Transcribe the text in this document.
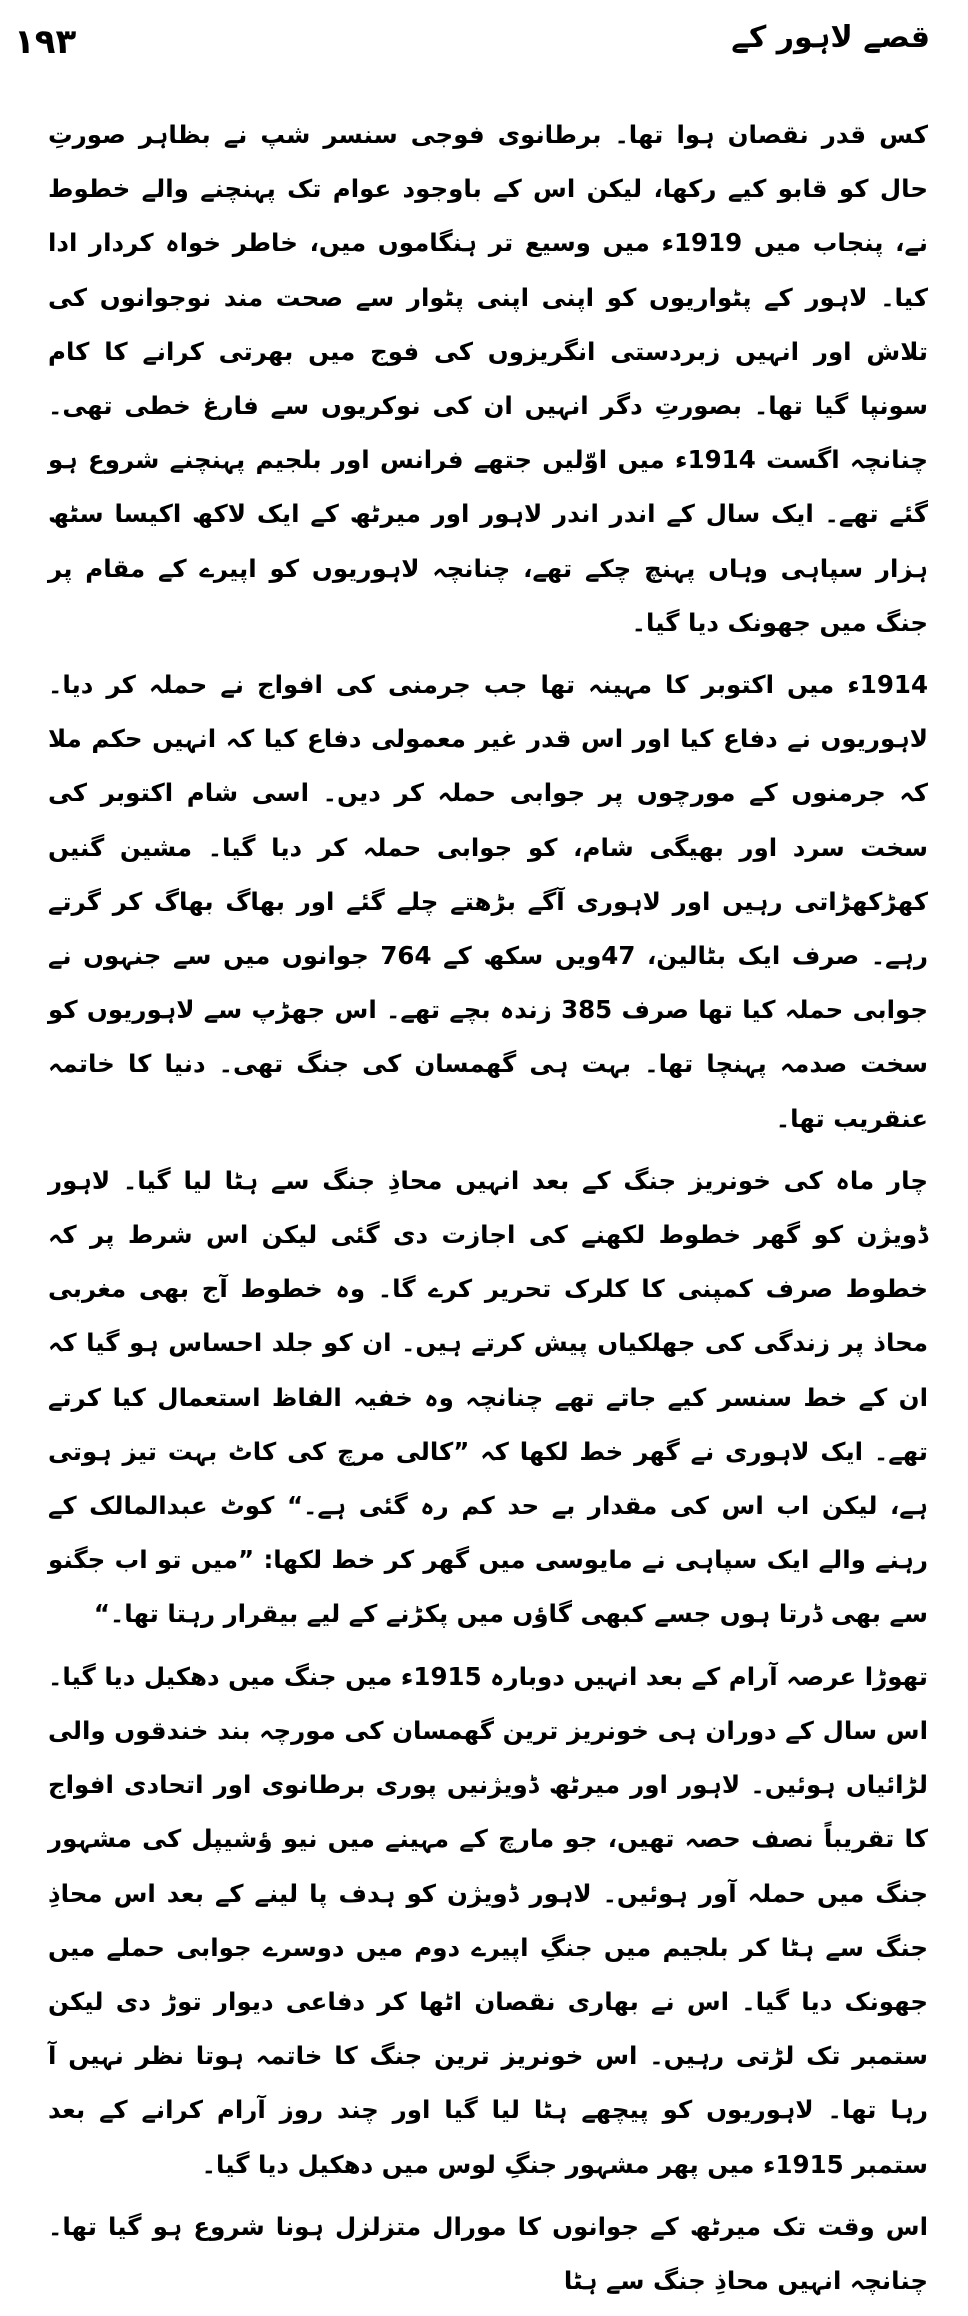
۱۹۳	قصے لاہور کے

کس قدر نقصان ہوا تھا۔ برطانوی فوجی سنسر شپ نے بظاہر صورتِ حال کو قابو کیے رکھا، لیکن اس کے باوجود عوام تک پہنچنے والے خطوط نے، پنجاب میں 1919ء میں وسیع تر ہنگاموں میں، خاطر خواہ کردار ادا کیا۔ لاہور کے پٹواریوں کو اپنی اپنی پٹوار سے صحت مند نوجوانوں کی تلاش اور انہیں زبردستی انگریزوں کی فوج میں بھرتی کرانے کا کام سونپا گیا تھا۔ بصورتِ دگر انہیں ان کی نوکریوں سے فارغ خطی تھی۔ چنانچہ اگست 1914ء میں اوّلیں جتھے فرانس اور بلجیم پہنچنے شروع ہو گئے تھے۔ ایک سال کے اندر اندر لاہور اور میرٹھ کے ایک لاکھ اکیسا سٹھ ہزار سپاہی وہاں پہنچ چکے تھے، چنانچہ لاہوریوں کو اپیرے کے مقام پر جنگ میں جھونک دیا گیا۔

1914ء میں اکتوبر کا مہینہ تھا جب جرمنی کی افواج نے حملہ کر دیا۔ لاہوریوں نے دفاع کیا اور اس قدر غیر معمولی دفاع کیا کہ انہیں حکم ملا کہ جرمنوں کے مورچوں پر جوابی حملہ کر دیں۔ اسی شام اکتوبر کی سخت سرد اور بھیگی شام، کو جوابی حملہ کر دیا گیا۔ مشین گنیں کھڑکھڑاتی رہیں اور لاہوری آگے بڑھتے چلے گئے اور بھاگ بھاگ کر گرتے رہے۔ صرف ایک بٹالین، 47ویں سکھ کے 764 جوانوں میں سے جنہوں نے جوابی حملہ کیا تھا صرف 385 زندہ بچے تھے۔ اس جھڑپ سے لاہوریوں کو سخت صدمہ پہنچا تھا۔ بہت ہی گھمسان کی جنگ تھی۔ دنیا کا خاتمہ عنقریب تھا۔

چار ماہ کی خونریز جنگ کے بعد انہیں محاذِ جنگ سے ہٹا لیا گیا۔ لاہور ڈویژن کو گھر خطوط لکھنے کی اجازت دی گئی لیکن اس شرط پر کہ خطوط صرف کمپنی کا کلرک تحریر کرے گا۔ وہ خطوط آج بھی مغربی محاذ پر زندگی کی جھلکیاں پیش کرتے ہیں۔ ان کو جلد احساس ہو گیا کہ ان کے خط سنسر کیے جاتے تھے چنانچہ وہ خفیہ الفاظ استعمال کیا کرتے تھے۔ ایک لاہوری نے گھر خط لکھا کہ ”کالی مرچ کی کاٹ بہت تیز ہوتی ہے، لیکن اب اس کی مقدار بے حد کم رہ گئی ہے۔“ کوٹ عبدالمالک کے رہنے والے ایک سپاہی نے مایوسی میں گھر کر خط لکھا: ”میں تو اب جگنو سے بھی ڈرتا ہوں جسے کبھی گاؤں میں پکڑنے کے لیے بیقرار رہتا تھا۔“

تھوڑا عرصہ آرام کے بعد انہیں دوبارہ 1915ء میں جنگ میں دھکیل دیا گیا۔ اس سال کے دوران ہی خونریز ترین گھمسان کی مورچہ بند خندقوں والی لڑائیاں ہوئیں۔ لاہور اور میرٹھ ڈویژنیں پوری برطانوی اور اتحادی افواج کا تقریباً نصف حصہ تھیں، جو مارچ کے مہینے میں نیو ؤشیپل کی مشہور جنگ میں حملہ آور ہوئیں۔ لاہور ڈویژن کو ہدف پا لینے کے بعد اس محاذِ جنگ سے ہٹا کر بلجیم میں جنگِ اپیرے دوم میں دوسرے جوابی حملے میں جھونک دیا گیا۔ اس نے بھاری نقصان اٹھا کر دفاعی دیوار توڑ دی لیکن ستمبر تک لڑتی رہیں۔ اس خونریز ترین جنگ کا خاتمہ ہوتا نظر نہیں آ رہا تھا۔ لاہوریوں کو پیچھے ہٹا لیا گیا اور چند روز آرام کرانے کے بعد ستمبر 1915ء میں پھر مشہور جنگِ لوس میں دھکیل دیا گیا۔

اس وقت تک میرٹھ کے جوانوں کا مورال متزلزل ہونا شروع ہو گیا تھا۔ چنانچہ انہیں محاذِ جنگ سے ہٹا
